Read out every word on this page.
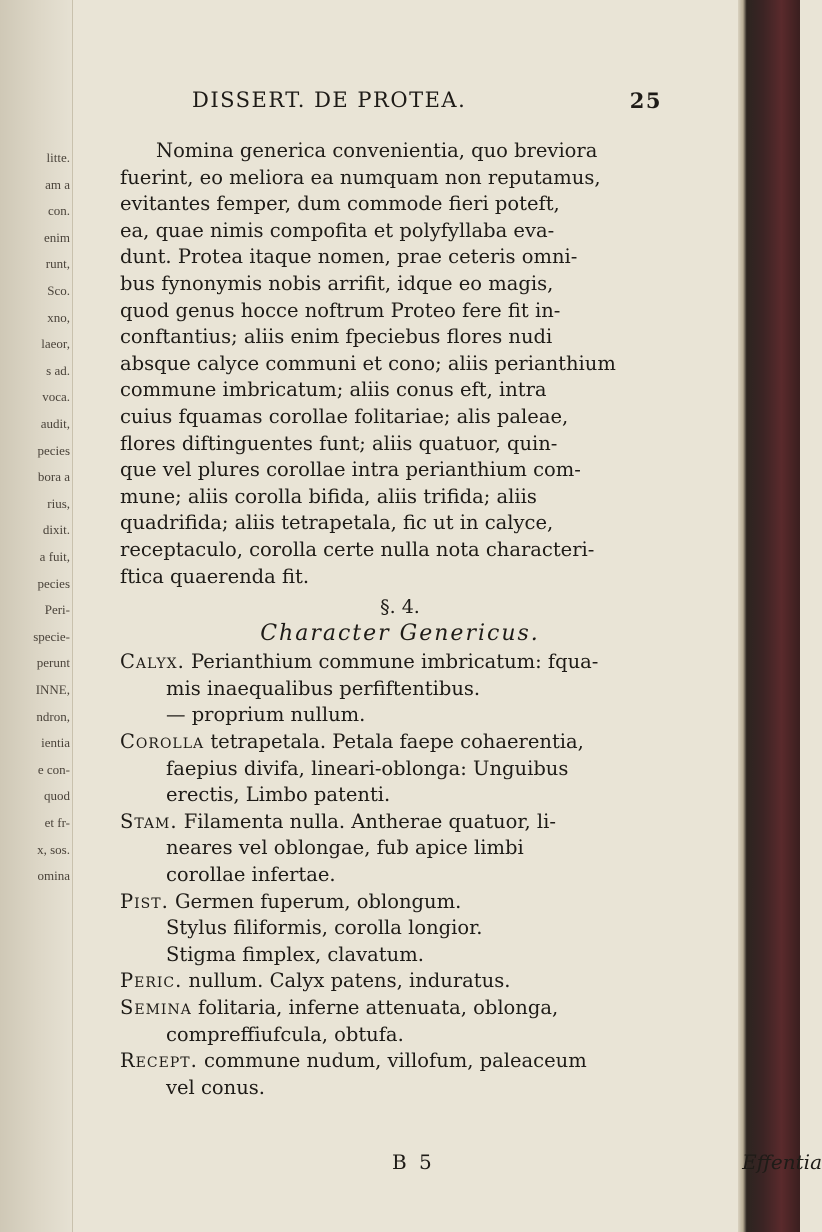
litte.
am a
con.
enim
runt,
Sco.
xno,
laeor,
s ad.
voca.
audit,
pecies
bora a
rius,
dixit.
a fuit,
pecies
Peri-
specie-
perunt
INNE,
ndron,
ientia
e con-
quod
et fr-
x, sos.
omina
DISSERT. DE PROTEA.	25

Nomina generica convenientia, quo breviora

fuerint, eo meliora ea numquam non reputamus,
evitantes femper, dum commode fieri poteft,
ea, quae nimis compofita et polyfyllaba eva-
dunt. Protea itaque nomen, prae ceteris omni-
bus fynonymis nobis arrifit, idque eo magis,
quod genus hocce noftrum Proteo fere fit in-
conftantius; aliis enim fpeciebus flores nudi
absque calyce communi et cono; aliis perianthium
commune imbricatum; aliis conus eft, intra
cuius fquamas corollae folitariae; alis paleae,
flores diftinguentes funt; aliis quatuor, quin-
que vel plures corollae intra perianthium com-
mune; aliis corolla bifida, aliis trifida; aliis
quadrifida; aliis tetrapetala, fic ut in calyce,
receptaculo, corolla certe nulla nota characteri-
ftica quaerenda fit.
§. 4.
Character Genericus.
Calyx. Perianthium commune imbricatum: fqua-
mis inaequalibus perfiftentibus.
— proprium nullum.
Corolla tetrapetala. Petala faepe cohaerentia,
faepius divifa, lineari-oblonga: Unguibus
erectis, Limbo patenti.
Stam. Filamenta nulla. Antherae quatuor, li-
neares vel oblongae, fub apice limbi
corollae infertae.
Pist. Germen fuperum, oblongum.
Stylus filiformis, corolla longior.
Stigma fimplex, clavatum.
Peric. nullum. Calyx patens, induratus.
Semina folitaria, inferne attenuata, oblonga,
compreffiufcula, obtufa.
Recept. commune nudum, villofum, paleaceum
vel conus.
B 5	Effentia
